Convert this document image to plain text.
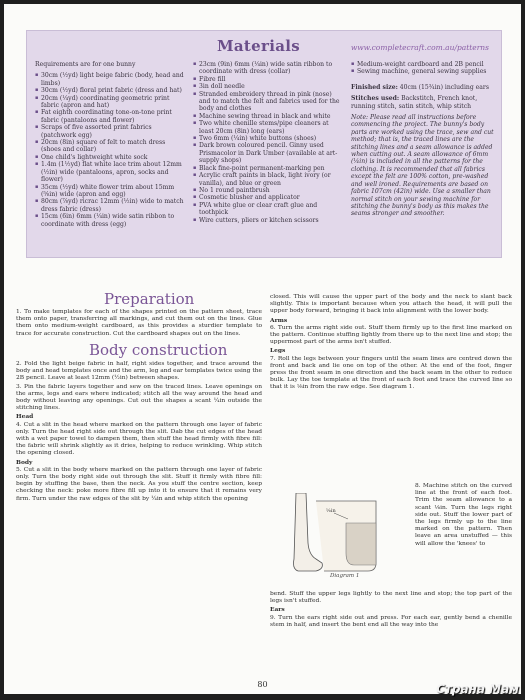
Materials	www.completecraft.com.au/patterns

Requirements are for one bunny

▪ 30cm (½yd) light beige fabric (body, head and limbs)
▪ 30cm (½yd) floral print fabric (dress and hat)
▪ 20cm (¼yd) coordinating geometric print fabric (apron and hat)
▪ Fat eighth coordinating tone-on-tone print fabric (pantaloons and flower)
▪ Scraps of five assorted print fabrics (patchwork egg)
▪ 20cm (8in) square of felt to match dress (shoes and collar)
▪ One child's lightweight white sock
▪ 1.4m (1½yd) flat white lace trim about 12mm (½in) wide (pantaloons, apron, socks and flower)
▪ 35cm (½yd) white flower trim about 15mm (⅝in) wide (apron and egg)
▪ 80cm (⅞yd) ricrac 12mm (½in) wide to match dress fabric (dress)
▪ 15cm (6in) 6mm (¼in) wide satin ribbon to coordinate with dress (egg)
▪ 23cm (9in) 6mm (¼in) wide satin ribbon to coordinate with dress (collar)
▪ Fibre fill
▪ 3in doll needle
▪ Stranded embroidery thread in pink (nose) and to match the felt and fabrics used for the body and clothes
▪ Machine sewing thread in black and white
▪ Two white chenille stems/pipe cleaners at least 20cm (8in) long (ears)
▪ Two 6mm (¼in) white buttons (shoes)
▪ Dark brown coloured pencil. Ginny used Prismacolor in Dark Umber (available at art-supply shops)
▪ Black fine-point permanent-marking pen
▪ Acrylic craft paints in black, light ivory (or vanilla), and blue or green
▪ No 1 round paintbrush
▪ Cosmetic blusher and applicator
▪ PVA white glue or clear craft glue and toothpick
▪ Wire cutters, pliers or kitchen scissors
▪ Medium-weight cardboard and 2B pencil
▪ Sewing machine, general sewing supplies

Finished size: 40cm (15¾in) including ears

Stitches used: Backstitch, French knot, running stitch, satin stitch, whip stitch

Note: Please read all instructions before commencing the project. The bunny's body parts are worked using the trace, sew and cut method; that is, the traced lines are the stitching lines and a seam allowance is added when cutting out. A seam allowance of 6mm (¼in) is included in all the patterns for the clothing. It is recommended that all fabrics except the felt are 100% cotton, pre-washed and well ironed. Requirements are based on fabric 107cm (42in) wide. Use a smaller than normal stitch on your sewing machine for stitching the bunny's body as this makes the seams stronger and smoother.

Preparation

1. To make templates for each of the shapes printed on the pattern sheet, trace them onto paper, transferring all markings, and cut them out on the lines. Glue them onto medium-weight cardboard, as this provides a sturdier template to trace for accurate construction. Cut the cardboard shapes out on the lines.

Body construction

2. Fold the light beige fabric in half, right sides together, and trace around the body and head templates once and the arm, leg and ear templates twice using the 2B pencil. Leave at least 12mm (½in) between shapes.

3. Pin the fabric layers together and sew on the traced lines. Leave openings on the arms, legs and ears where indicated; stitch all the way around the head and body without leaving any openings. Cut out the shapes a scant ¼in outside the stitching lines.

Head

4. Cut a slit in the head where marked on the pattern through one layer of fabric only. Turn the head right side out through the slit. Dab the cut edges of the head with a wet paper towel to dampen them, then stuff the head firmly with fibre fill: the fabric will shrink slightly as it dries, helping to reduce wrinkling. Whip stitch the opening closed.

Body

5. Cut a slit in the body where marked on the pattern through one layer of fabric only. Turn the body right side out through the slit. Stuff it firmly with fibre fill: begin by stuffing the base, then the neck. As you stuff the centre section, keep checking the neck: poke more fibre fill up into it to ensure that it remains very firm. Turn under the raw edges of the slit by ¼in and whip stitch the opening

closed. This will cause the upper part of the body and the neck to slant back slightly. This is important because when you attach the head, it will pull the upper body forward, bringing it back into alignment with the lower body.

Arms

6. Turn the arms right side out. Stuff them firmly up to the first line marked on the pattern. Continue stuffing lightly from there up to the next line and stop; the uppermost part of the arms isn't stuffed.

Legs

7. Roll the legs between your fingers until the seam lines are centred down the front and back and lie one on top of the other. At the end of the foot, finger press the front seam in one direction and the back seam in the other to reduce bulk. Lay the toe template at the front of each foot and trace the curved line so that it is ⅛in from the raw edge. See diagram 1.

⅛in
Diagram 1

8. Machine stitch on the curved line at the front of each foot. Trim the seam allowance to a scant ⅛in. Turn the legs right side out. Stuff the lower part of the legs firmly up to the line marked on the pattern. Then leave an area unstuffed — this will allow the 'knees' to

bend. Stuff the upper legs lightly to the next line and stop; the top part of the legs isn't stuffed.

Ears

9. Turn the ears right side out and press. For each ear, gently bend a chenille stem in half, and insert the bent end all the way into the

80	Страна Мам
